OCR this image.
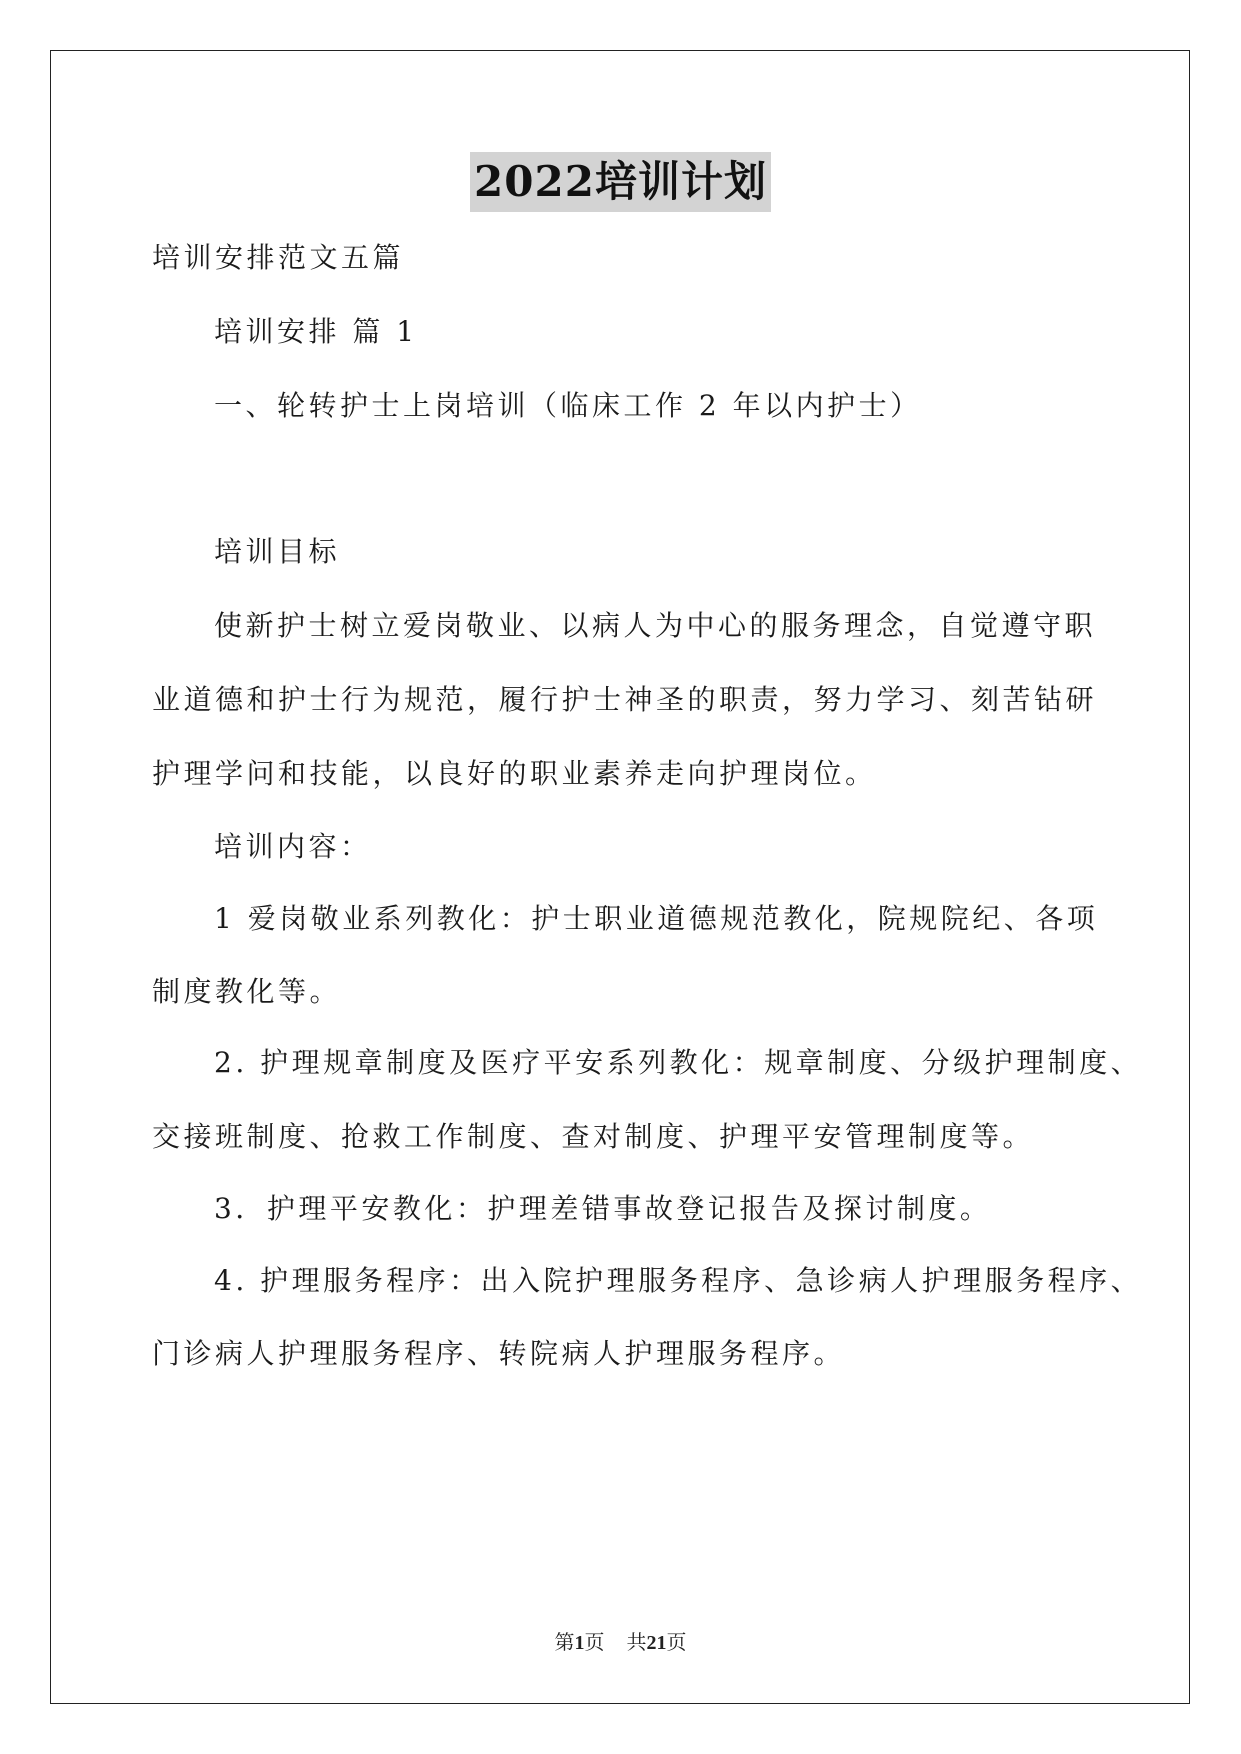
2022培训计划
培训安排范文五篇
培训安排 篇 1
一、轮转护士上岗培训（临床工作 2 年以内护士）
培训目标
使新护士树立爱岗敬业、以病人为中心的服务理念，自觉遵守职
业道德和护士行为规范，履行护士神圣的职责，努力学习、刻苦钻研
护理学问和技能，以良好的职业素养走向护理岗位。
培训内容：
1 爱岗敬业系列教化：护士职业道德规范教化，院规院纪、各项
制度教化等。
2. 护理规章制度及医疗平安系列教化：规章制度、分级护理制度、
交接班制度、抢救工作制度、查对制度、护理平安管理制度等。
3．护理平安教化：护理差错事故登记报告及探讨制度。
4. 护理服务程序：出入院护理服务程序、急诊病人护理服务程序、
门诊病人护理服务程序、转院病人护理服务程序。
第1页 共21页
